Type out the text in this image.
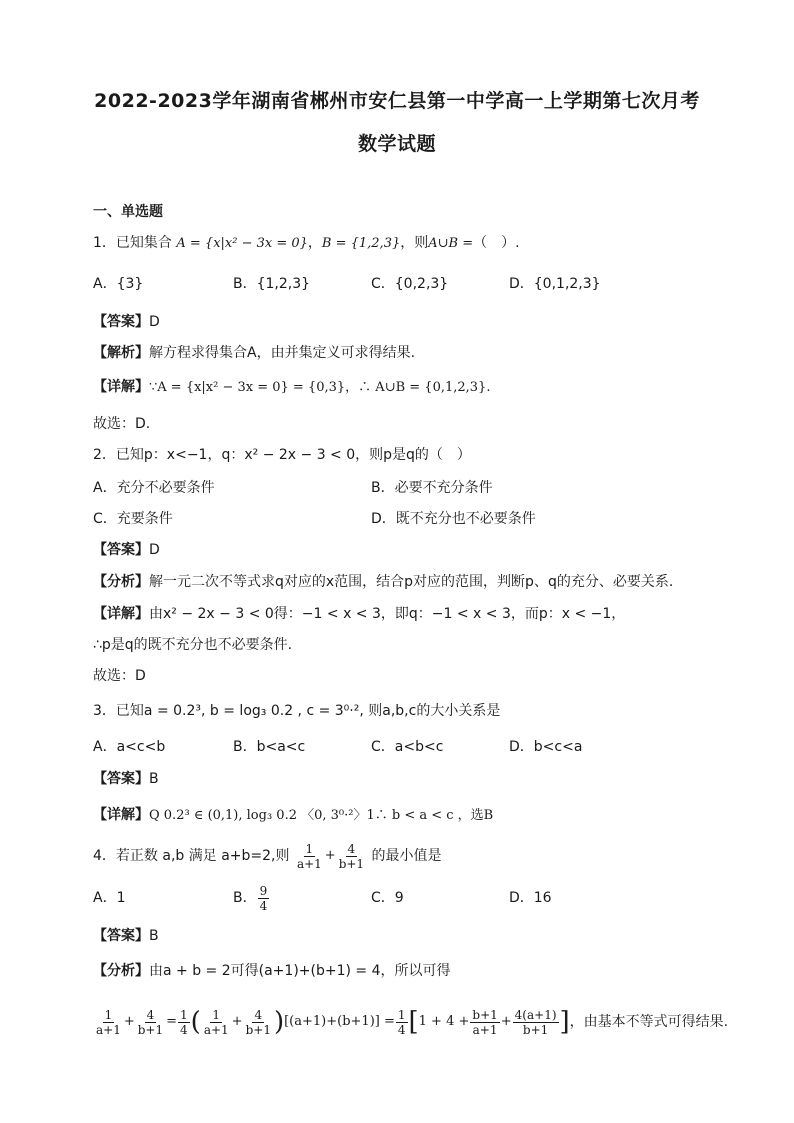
2022-2023学年湖南省郴州市安仁县第一中学高一上学期第七次月考
数学试题
一、单选题
1．已知集合 A = {x|x² − 3x = 0}，B = {1,2,3}，则A∪B =（　）.
A．{3}	B．{1,2,3}	C．{0,2,3}	D．{0,1,2,3}
【答案】D
【解析】解方程求得集合A，由并集定义可求得结果.
【详解】∵A = {x|x² − 3x = 0} = {0,3}，∴ A∪B = {0,1,2,3}.
故选：D.
2．已知p：x<−1，q：x² − 2x − 3 < 0，则p是q的（　）
A．充分不必要条件	B．必要不充分条件
C．充要条件	D．既不充分也不必要条件
【答案】D
【分析】解一元二次不等式求q对应的x范围，结合p对应的范围，判断p、q的充分、必要关系.
【详解】由x² − 2x − 3 < 0得：−1 < x < 3，即q：−1 < x < 3，而p：x < −1，
∴p是q的既不充分也不必要条件.
故选：D
3．已知a = 0.2³, b = log₃ 0.2 , c = 3⁰·², 则a,b,c的大小关系是
A．a<c<b	B．b<a<c	C．a<b<c	D．b<c<a
【答案】B
【详解】Q 0.2³ ∈ (0,1), log₃ 0.2 〈0, 3⁰·²〉1∴ b < a < c ，选B
4．若正数 a,b 满足 a+b=2,则 $\frac{1}{a+1} + \frac{4}{b+1}$ 的最小值是
A．1	B． $\frac{9}{4}$	C．9	D．16
【答案】B
【分析】由a + b = 2可得(a+1)+(b+1) = 4，所以可得
$\frac{1}{a+1} + \frac{4}{b+1} = \frac{1}{4}$ ( $\frac{1}{a+1} + \frac{4}{b+1} )[(a+1)+(b+1)] = \frac{1}{4} [1 + 4 + \frac{b+1}{a+1} + \frac{4(a+1)}{b+1}$ ]，由基本不等式可得结果.
